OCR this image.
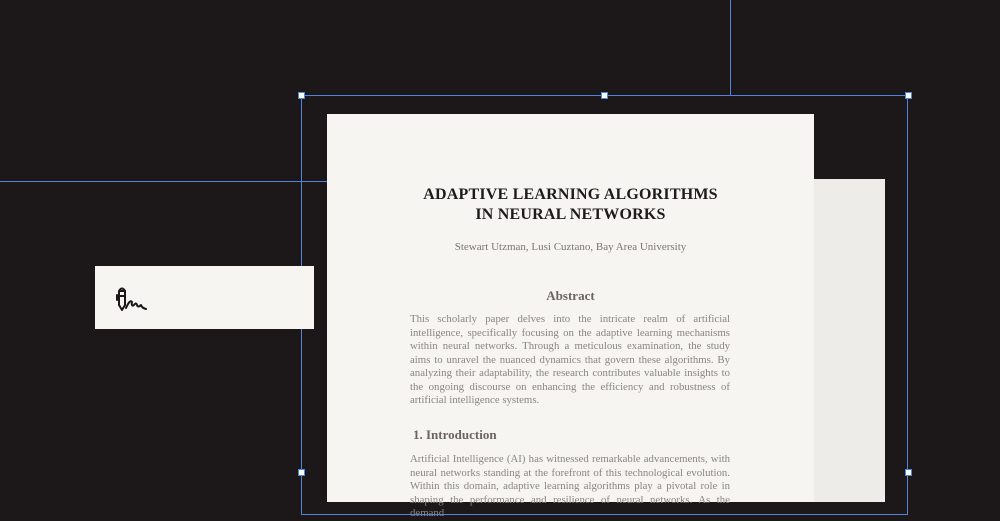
ADAPTIVE LEARNING ALGORITHMS
IN NEURAL NETWORKS
Stewart Utzman, Lusi Cuztano, Bay Area University
Abstract
This scholarly paper delves into the intricate realm of artificial intelligence, specifically focusing on the adaptive learning mechanisms within neural networks. Through a meticulous examination, the study aims to unravel the nuanced dynamics that govern these algorithms. By analyzing their adaptability, the research contributes valuable insights to the ongoing discourse on enhancing the efficiency and robustness of artificial intelligence systems.
1. Introduction
Artificial Intelligence (AI) has witnessed remarkable advancements, with neural networks standing at the forefront of this technological evolution. Within this domain, adaptive learning algorithms play a pivotal role in shaping the performance and resilience of neural networks. As the demand
